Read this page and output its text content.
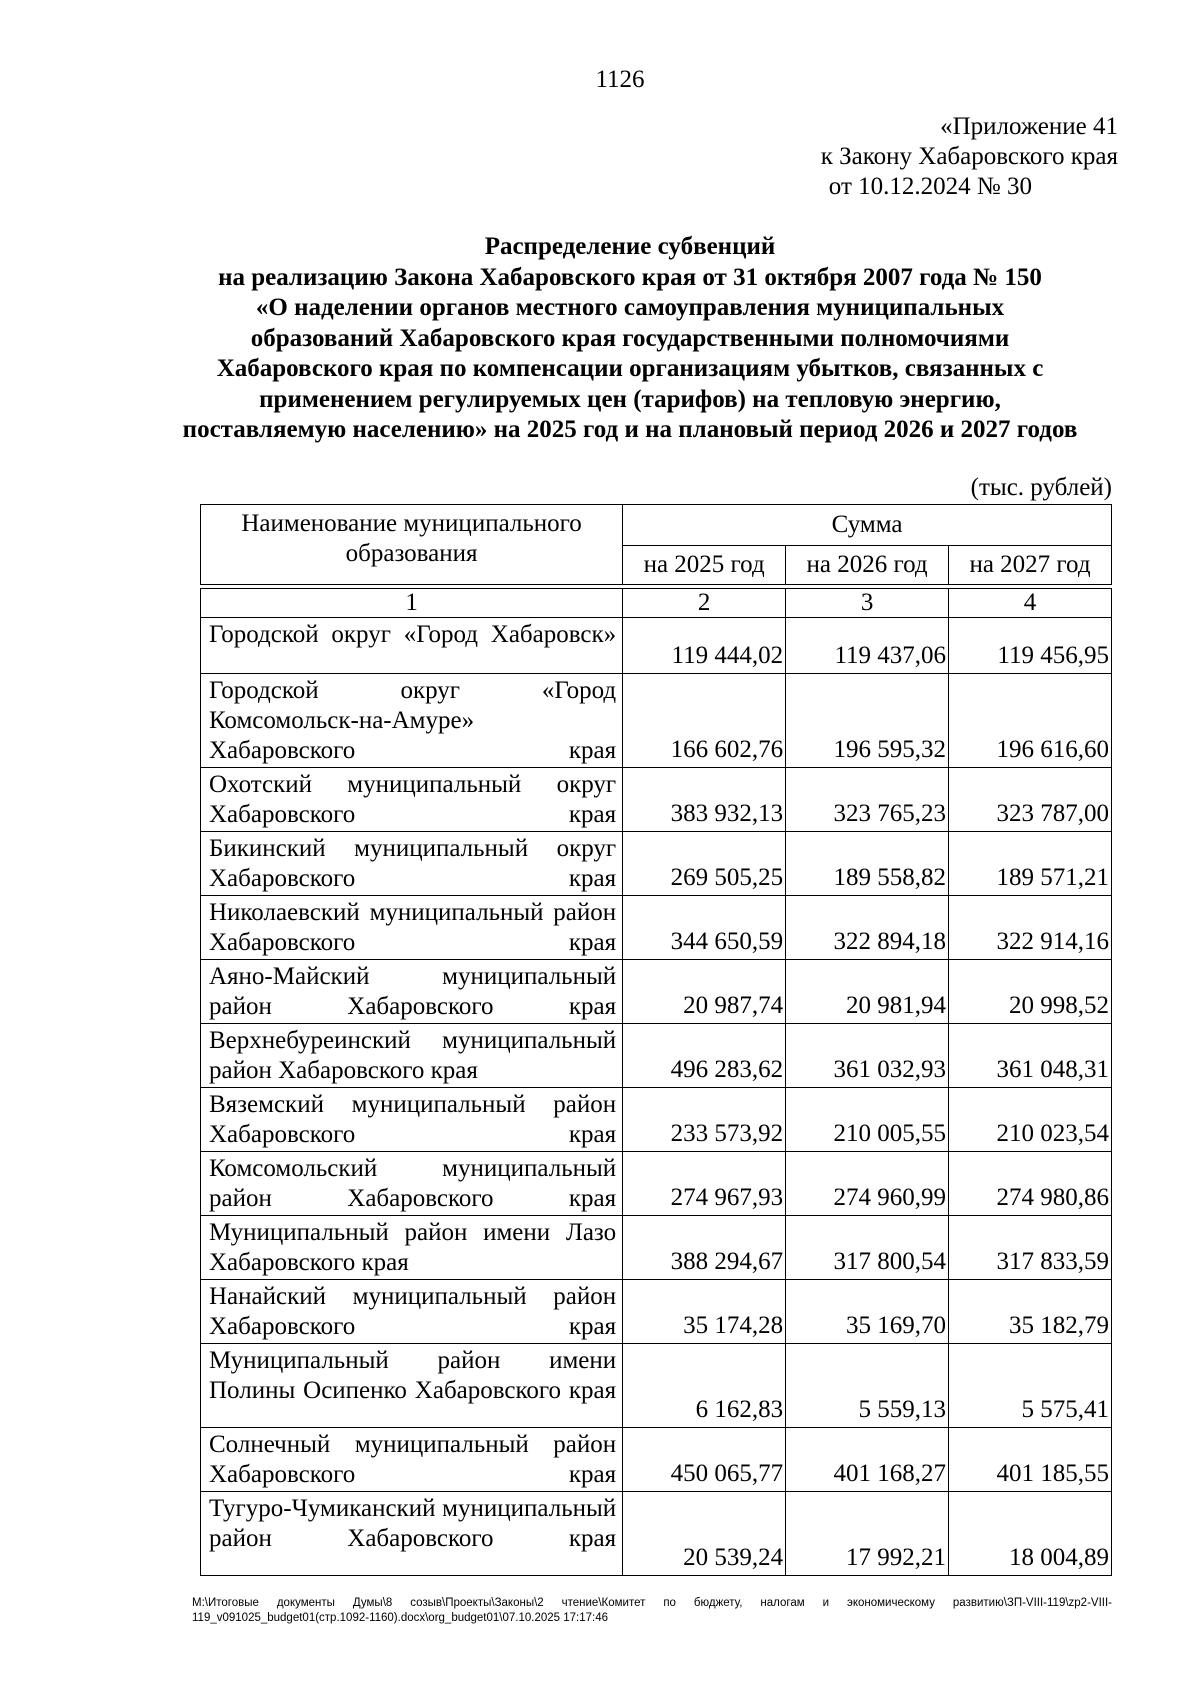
1126
«Приложение 41
к Закону Хабаровского края
от 10.12.2024 № 30
Распределение субвенций
на реализацию Закона Хабаровского края от 31 октября 2007 года № 150
«О наделении органов местного самоуправления муниципальных
образований Хабаровского края государственными полномочиями
Хабаровского края по компенсации организациям убытков, связанных с
применением регулируемых цен (тарифов) на тепловую энергию,
поставляемую населению» на 2025 год и на плановый период 2026 и 2027 годов
(тыс. рублей)
Наименование муниципального образования	Сумма		
	на 2025 год	на 2026 год	на 2027 год

1	2	3	4
Городской округ «Город Хабаровск»	119 444,02	119 437,06	119 456,95
Городской округ «Город Комсомольск-на-Амуре» Хабаровского края	166 602,76	196 595,32	196 616,60
Охотский муниципальный округ Хабаровского края	383 932,13	323 765,23	323 787,00
Бикинский муниципальный округ Хабаровского края	269 505,25	189 558,82	189 571,21
Николаевский муниципальный район Хабаровского края	344 650,59	322 894,18	322 914,16
Аяно-Майский муниципальный район Хабаровского края	20 987,74	20 981,94	20 998,52
Верхнебуреинский муниципальный район Хабаровского края	496 283,62	361 032,93	361 048,31
Вяземский муниципальный район Хабаровского края	233 573,92	210 005,55	210 023,54
Комсомольский муниципальный район Хабаровского края	274 967,93	274 960,99	274 980,86
Муниципальный район имени Лазо Хабаровского края	388 294,67	317 800,54	317 833,59
Нанайский муниципальный район Хабаровского края	35 174,28	35 169,70	35 182,79
Муниципальный район имени Полины Осипенко Хабаровского края	6 162,83	5 559,13	5 575,41
Солнечный муниципальный район Хабаровского края	450 065,77	401 168,27	401 185,55
Тугуро-Чумиканский муниципальный район Хабаровского края	20 539,24	17 992,21	18 004,89
M:\Итоговые документы Думы\8 созыв\Проекты\Законы\2 чтение\Комитет по бюджету, налогам и экономическому развитию\ЗП-VIII-119\zp2-VIII-119_v091025_budget01(стр.1092-1160).docx\org_budget01\07.10.2025 17:17:46
